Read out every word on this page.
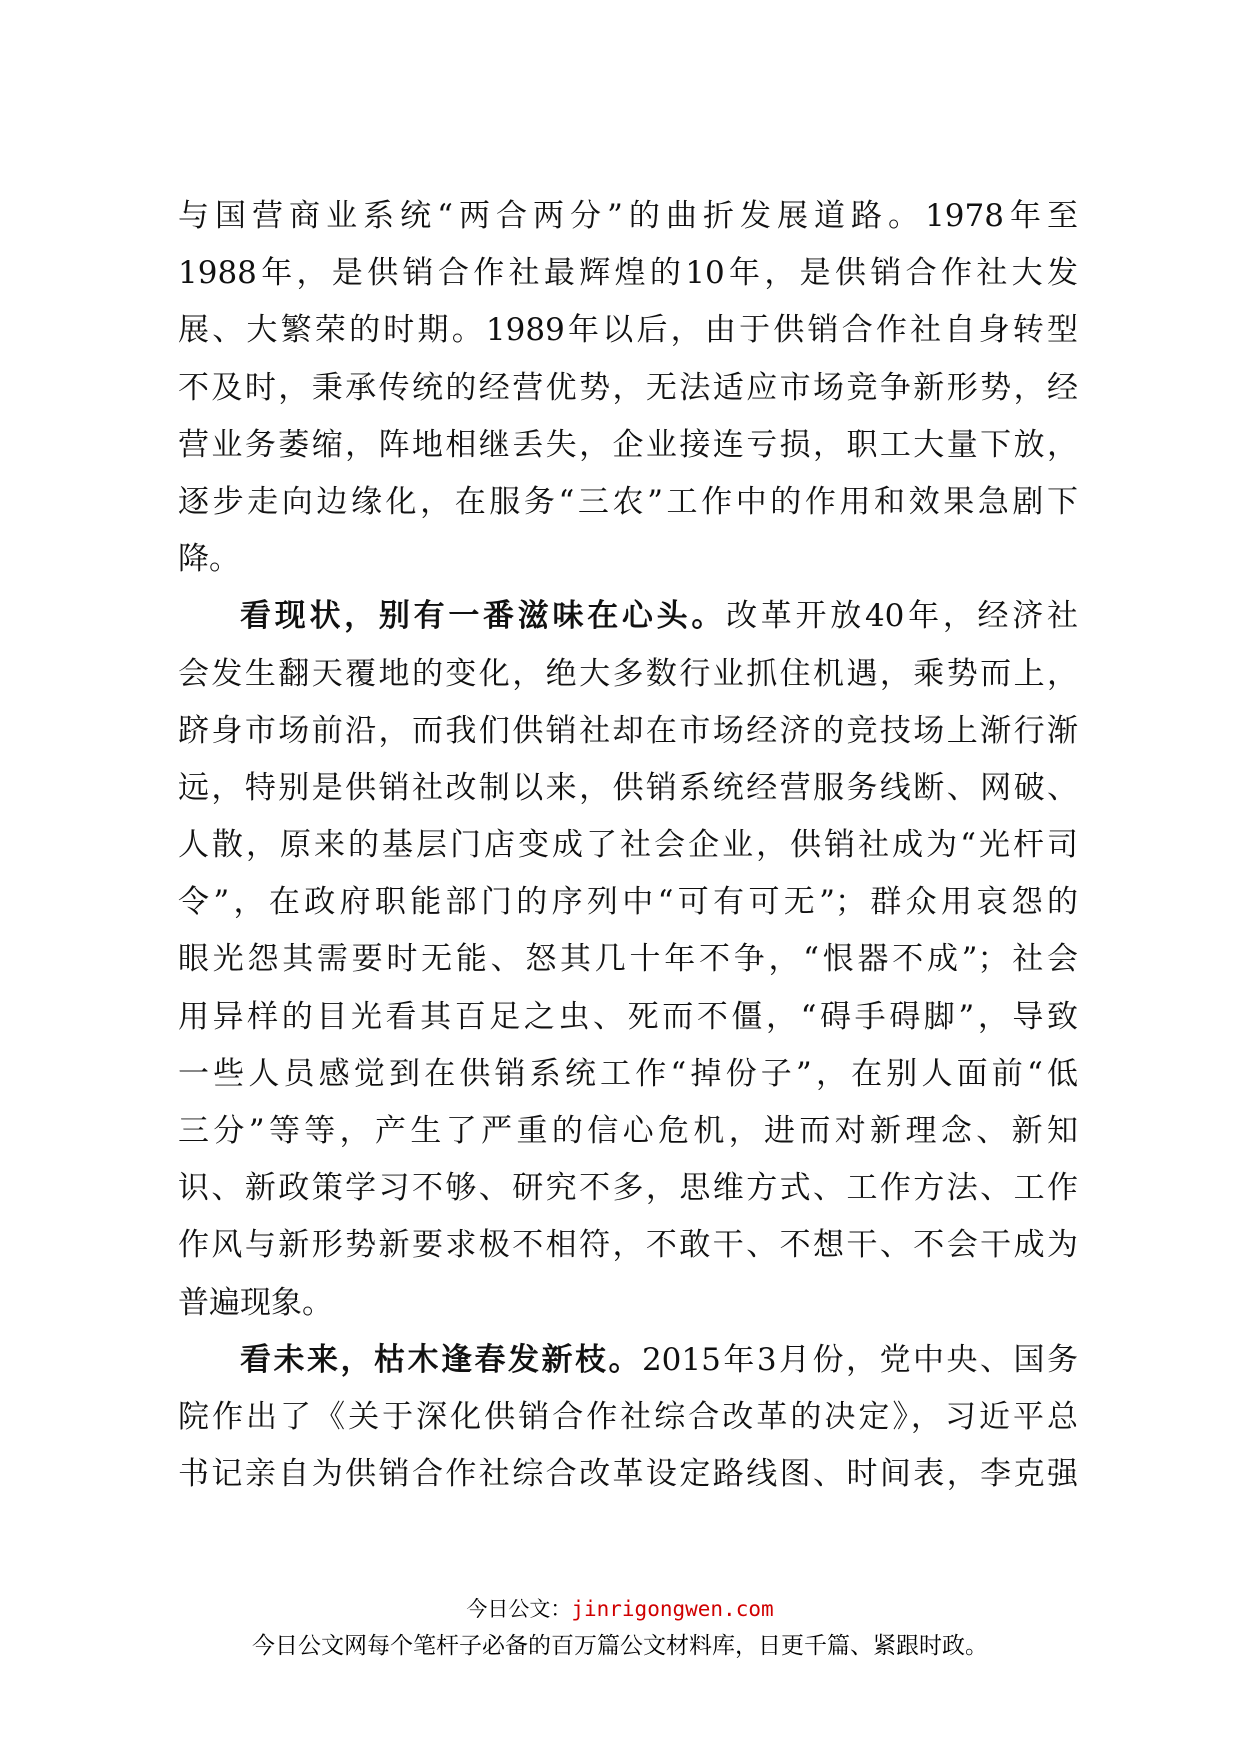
与国营商业系统“两合两分”的曲折发展道路。1978年至
1988年，是供销合作社最辉煌的10年，是供销合作社大发
展、大繁荣的时期。1989年以后，由于供销合作社自身转型
不及时，秉承传统的经营优势，无法适应市场竞争新形势，经
营业务萎缩，阵地相继丢失，企业接连亏损，职工大量下放，
逐步走向边缘化，在服务“三农”工作中的作用和效果急剧下
降。
看现状，别有一番滋味在心头。改革开放40年，经济社
会发生翻天覆地的变化，绝大多数行业抓住机遇，乘势而上，
跻身市场前沿，而我们供销社却在市场经济的竞技场上渐行渐
远，特别是供销社改制以来，供销系统经营服务线断、网破、
人散，原来的基层门店变成了社会企业，供销社成为“光杆司
令”，在政府职能部门的序列中“可有可无”；群众用哀怨的
眼光怨其需要时无能、怒其几十年不争，“恨器不成”；社会
用异样的目光看其百足之虫、死而不僵，“碍手碍脚”，导致
一些人员感觉到在供销系统工作“掉份子”，在别人面前“低
三分”等等，产生了严重的信心危机，进而对新理念、新知
识、新政策学习不够、研究不多，思维方式、工作方法、工作
作风与新形势新要求极不相符，不敢干、不想干、不会干成为
普遍现象。
看未来，枯木逢春发新枝。2015年3月份，党中央、国务
院作出了《关于深化供销合作社综合改革的决定》，习近平总
书记亲自为供销合作社综合改革设定路线图、时间表，李克强
今日公文：jinrigongwen.com
今日公文网每个笔杆子必备的百万篇公文材料库，日更千篇、紧跟时政。
